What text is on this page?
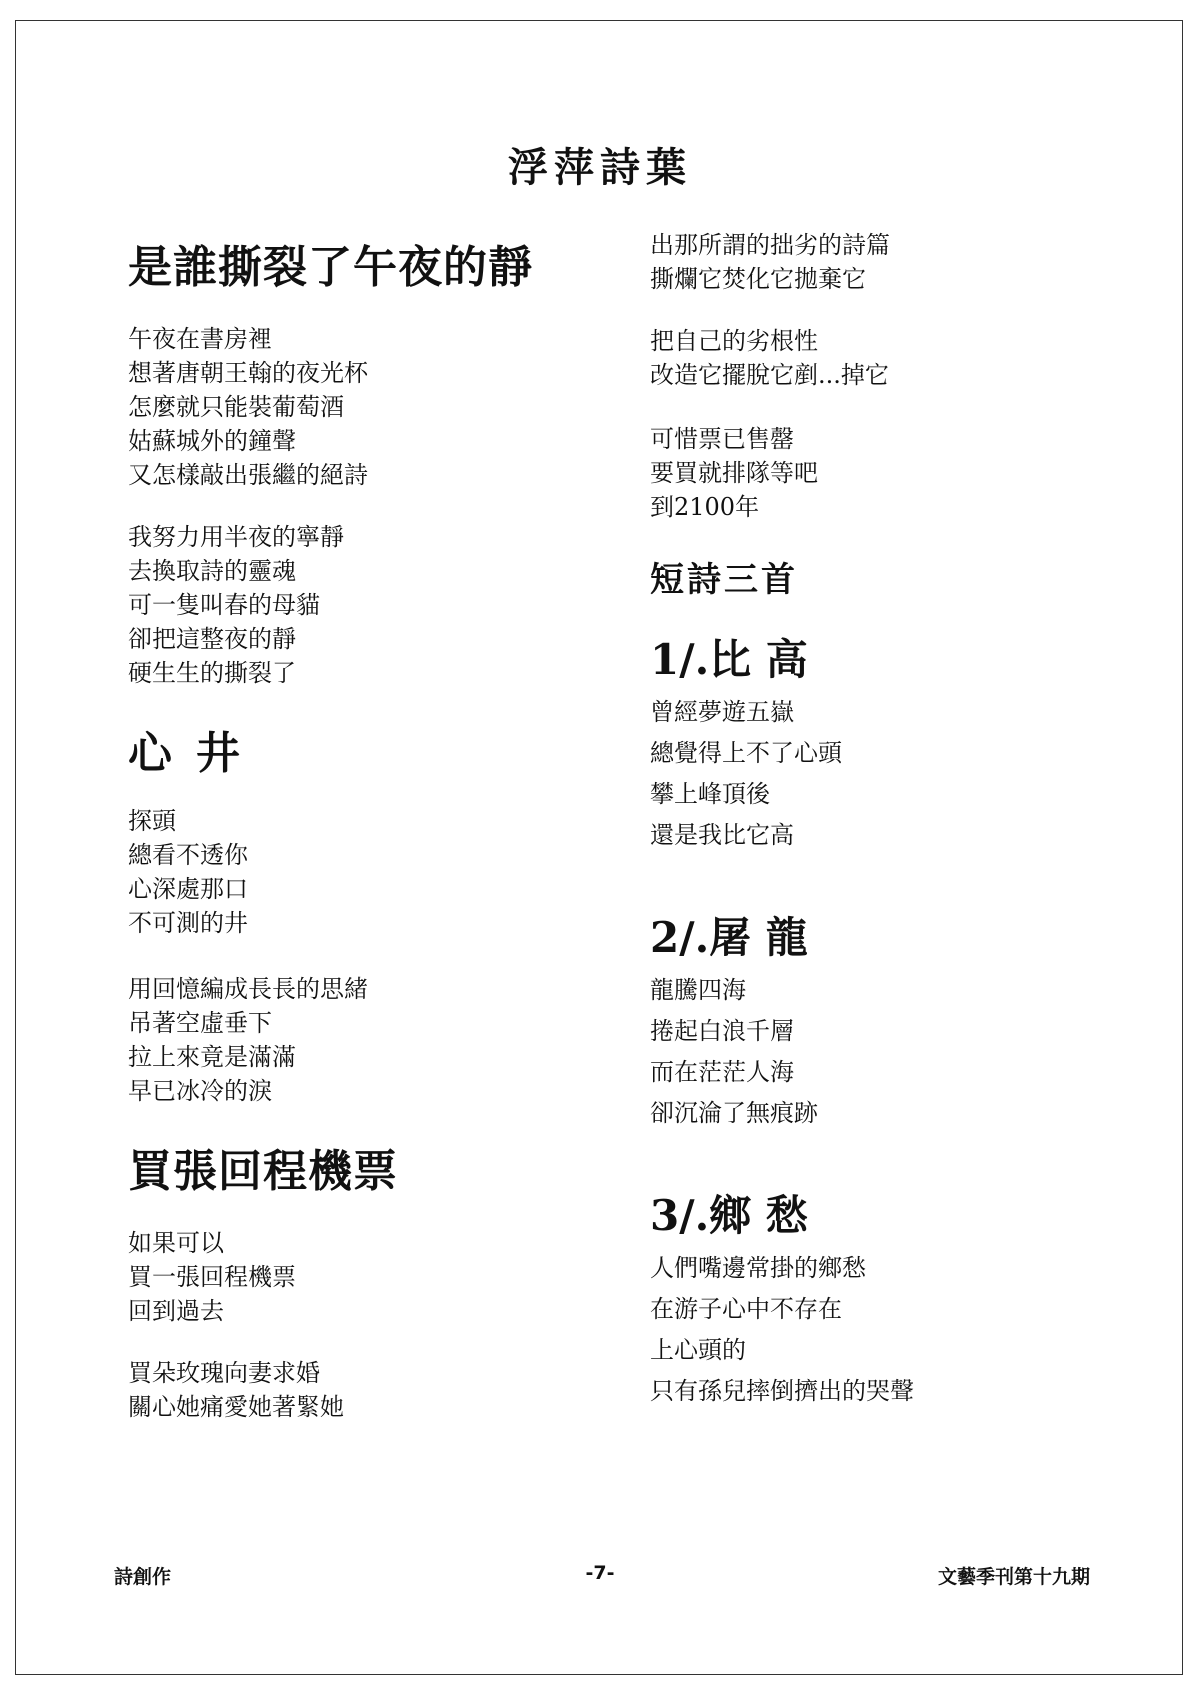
浮萍詩葉
是誰撕裂了午夜的靜
午夜在書房裡
想著唐朝王翰的夜光杯
怎麼就只能裝葡萄酒
姑蘇城外的鐘聲
又怎樣敲出張繼的絕詩
我努力用半夜的寧靜
去換取詩的靈魂
可一隻叫春的母貓
卻把這整夜的靜
硬生生的撕裂了
心井
探頭
總看不透你
心深處那口
不可測的井
用回憶編成長長的思緒
吊著空虛垂下
拉上來竟是滿滿
早已冰冷的淚
買張回程機票
如果可以
買一張回程機票
回到過去
買朵玫瑰向妻求婚
關心她痛愛她著緊她
出那所謂的拙劣的詩篇
撕爛它焚化它拋棄它
把自己的劣根性
改造它擺脫它剷...掉它
可惜票已售罄
要買就排隊等吧
到2100年
短詩三首
1/.比 高
曾經夢遊五嶽
總覺得上不了心頭
攀上峰頂後
還是我比它高
2/.屠 龍
龍騰四海
捲起白浪千層
而在茫茫人海
卻沉淪了無痕跡
3/.鄉 愁
人們嘴邊常掛的鄉愁
在游子心中不存在
上心頭的
只有孫兒摔倒擠出的哭聲
詩創作	-7-	文藝季刊第十九期
